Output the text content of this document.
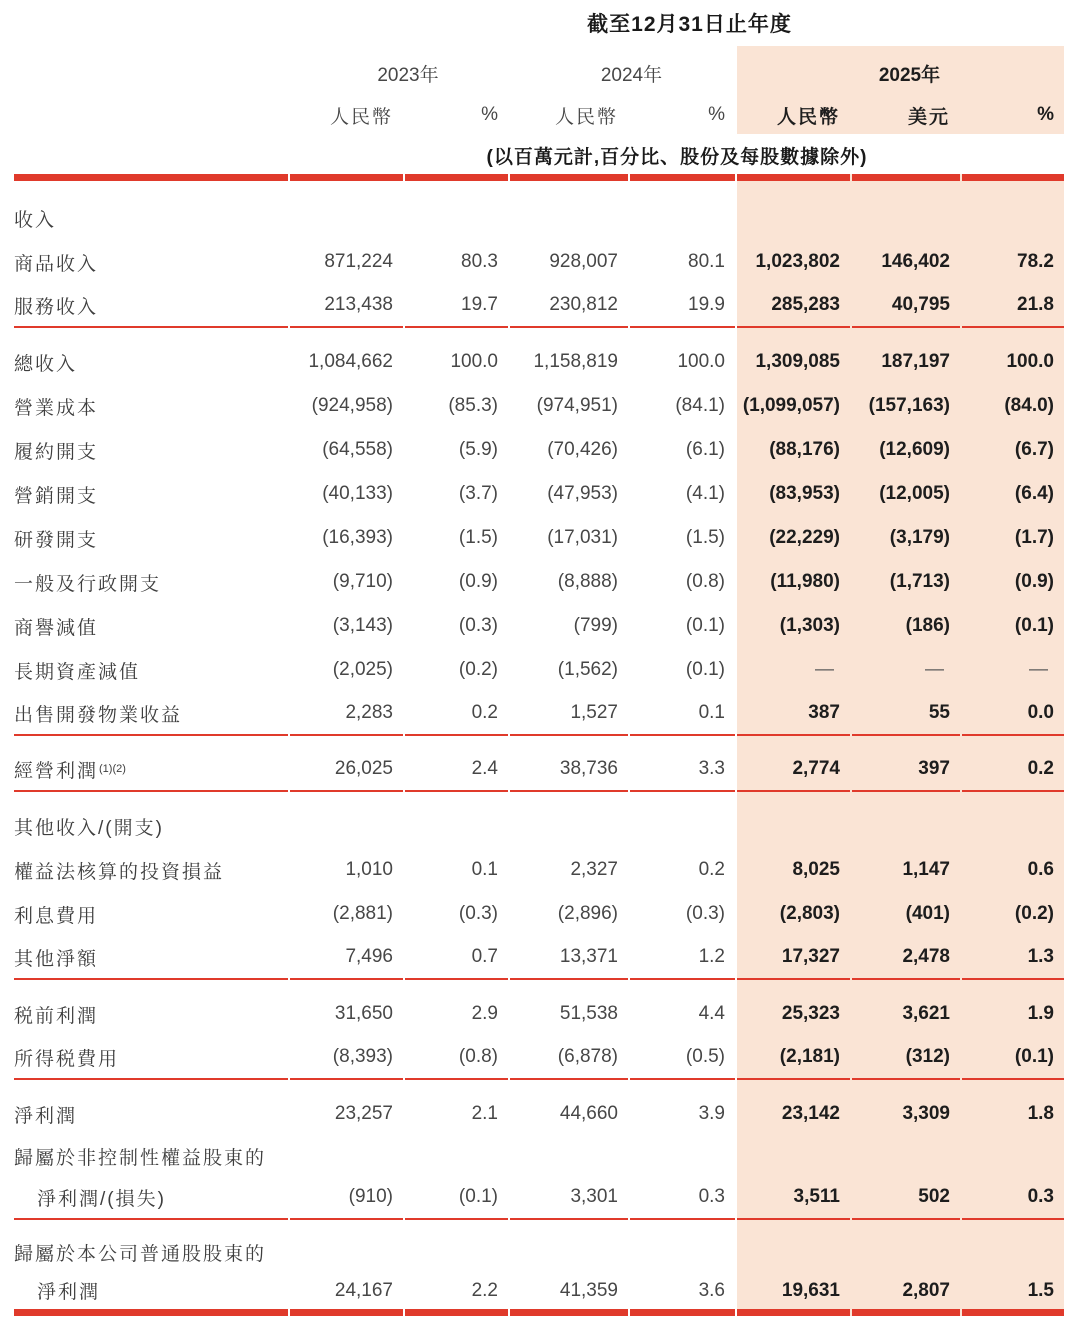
截至12月31日止年度
2023年	2024年	2025年
人民幣	%	人民幣	%	人民幣	美元	%
(以百萬元計,百分比、股份及每股數據除外)
收入
商品收入	871,224	80.3	928,007	80.1	1,023,802	146,402	78.2
服務收入	213,438	19.7	230,812	19.9	285,283	40,795	21.8
總收入	1,084,662	100.0	1,158,819	100.0	1,309,085	187,197	100.0
營業成本	(924,958)	(85.3)	(974,951)	(84.1) (1,099,057)	(157,163)	(84.0)
履約開支	(64,558)	(5.9)	(70,426)	(6.1)	(88,176)	(12,609)	(6.7)
營銷開支	(40,133)	(3.7)	(47,953)	(4.1)	(83,953)	(12,005)	(6.4)
研發開支	(16,393)	(1.5)	(17,031)	(1.5)	(22,229)	(3,179)	(1.7)
一般及行政開支	(9,710)	(0.9)	(8,888)	(0.8)	(11,980)	(1,713)	(0.9)
商譽減值	(3,143)	(0.3)	(799)	(0.1)	(1,303)	(186)	(0.1)
長期資產減值	(2,025)	(0.2)	(1,562)	(0.1)	—	—	—
出售開發物業收益	2,283	0.2	1,527	0.1	387	55	0.0
經營利潤 (1)(2)	26,025	2.4	38,736	3.3	2,774	397	0.2
其他收入/(開支)
權益法核算的投資損益	1,010	0.1	2,327	0.2	8,025	1,147	0.6
利息費用	(2,881)	(0.3)	(2,896)	(0.3)	(2,803)	(401)	(0.2)
其他淨額	7,496	0.7	13,371	1.2	17,327	2,478	1.3
税前利潤	31,650	2.9	51,538	4.4	25,323	3,621	1.9
所得税費用	(8,393)	(0.8)	(6,878)	(0.5)	(2,181)	(312)	(0.1)
淨利潤	23,257	2.1	44,660	3.9	23,142	3,309	1.8
歸屬於非控制性權益股東的
淨利潤/(損失)	(910)	(0.1)	3,301	0.3	3,511	502	0.3
歸屬於本公司普通股股東的
淨利潤	24,167	2.2	41,359	3.6	19,631	2,807	1.5
